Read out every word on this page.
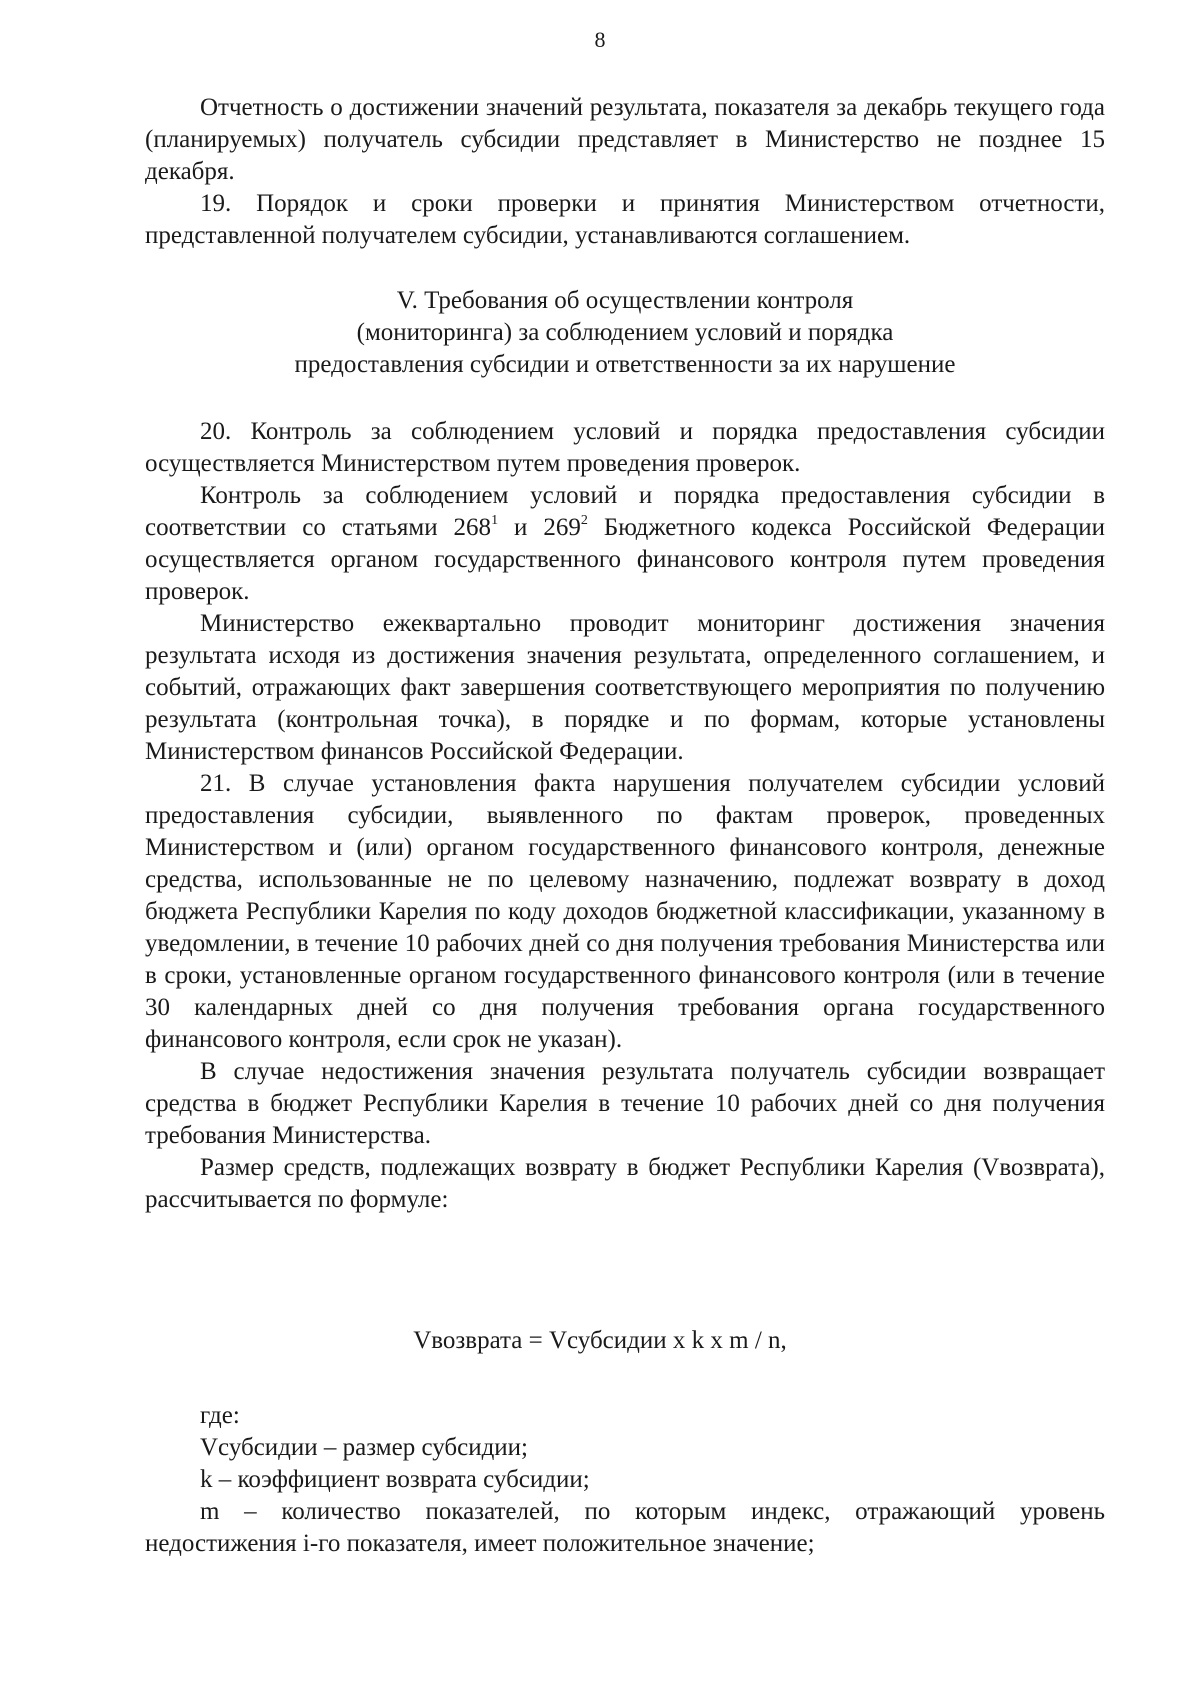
8

Отчетность о достижении значений результата, показателя за декабрь текущего года (планируемых) получатель субсидии представляет в Министерство не позднее 15 декабря.

19. Порядок и сроки проверки и принятия Министерством отчетности, представленной получателем субсидии, устанавливаются соглашением.

V. Требования об осуществлении контроля
(мониторинга) за соблюдением условий и порядка
предоставления субсидии и ответственности за их нарушение

20. Контроль за соблюдением условий и порядка предоставления субсидии осуществляется Министерством путем проведения проверок.

Контроль за соблюдением условий и порядка предоставления субсидии в соответствии со статьями $268^1$ и $269^2$ Бюджетного кодекса Российской Федерации осуществляется органом государственного финансового контроля путем проведения проверок.

Министерство ежеквартально проводит мониторинг достижения значения результата исходя из достижения значения результата, определенного соглашением, и событий, отражающих факт завершения соответствующего мероприятия по получению результата (контрольная точка), в порядке и по формам, которые установлены Министерством финансов Российской Федерации.

21. В случае установления факта нарушения получателем субсидии условий предоставления субсидии, выявленного по фактам проверок, проведенных Министерством и (или) органом государственного финансового контроля, денежные средства, использованные не по целевому назначению, подлежат возврату в доход бюджета Республики Карелия по коду доходов бюджетной классификации, указанному в уведомлении, в течение 10 рабочих дней со дня получения требования Министерства или в сроки, установленные органом государственного финансового контроля (или в течение 30 календарных дней со дня получения требования органа государственного финансового контроля, если срок не указан).

В случае недостижения значения результата получатель субсидии возвращает средства в бюджет Республики Карелия в течение 10 рабочих дней со дня получения требования Министерства.

Размер средств, подлежащих возврату в бюджет Республики Карелия (Vвозврата), рассчитывается по формуле:

Vвозврата = Vсубсидии x k x m / n,

где:

Vсубсидии – размер субсидии;

k – коэффициент возврата субсидии;

m – количество показателей, по которым индекс, отражающий уровень недостижения i-го показателя, имеет положительное значение;
